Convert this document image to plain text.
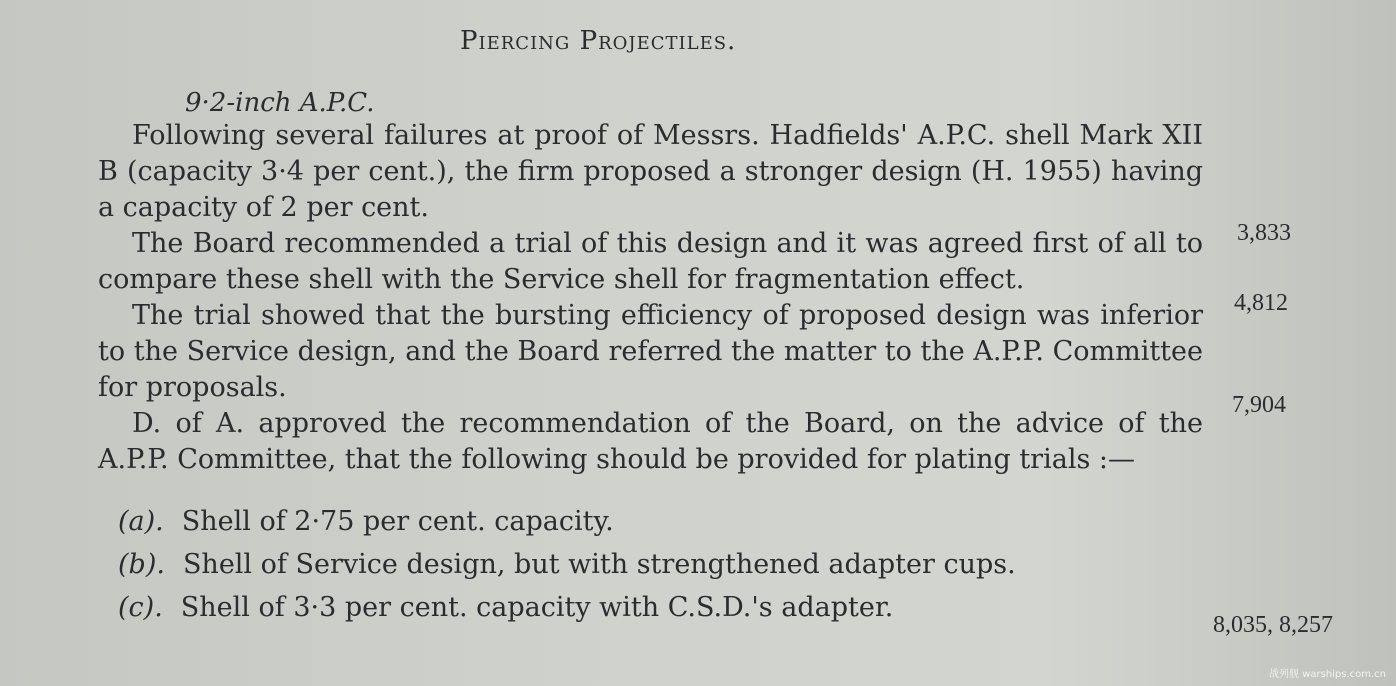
Piercing Projectiles.
9·2-inch A.P.C.

Following several failures at proof of Messrs. Hadfields' A.P.C. shell Mark XII B (capacity 3·4 per cent.), the firm proposed a stronger design (H. 1955) having a capacity of 2 per cent.

The Board recommended a trial of this design and it was agreed first of all to compare these shell with the Service shell for fragmentation effect.

The trial showed that the bursting efficiency of proposed design was inferior to the Service design, and the Board referred the matter to the A.P.P. Committee for proposals.

D. of A. approved the recommendation of the Board, on the advice of the A.P.P. Committee, that the following should be provided for plating trials :—

(a). Shell of 2·75 per cent. capacity.
(b). Shell of Service design, but with strengthened adapter cups.
(c). Shell of 3·3 per cent. capacity with C.S.D.'s adapter.
3,833
4,812
7,904
8,035, 8,257
战列舰 warships.com.cn
